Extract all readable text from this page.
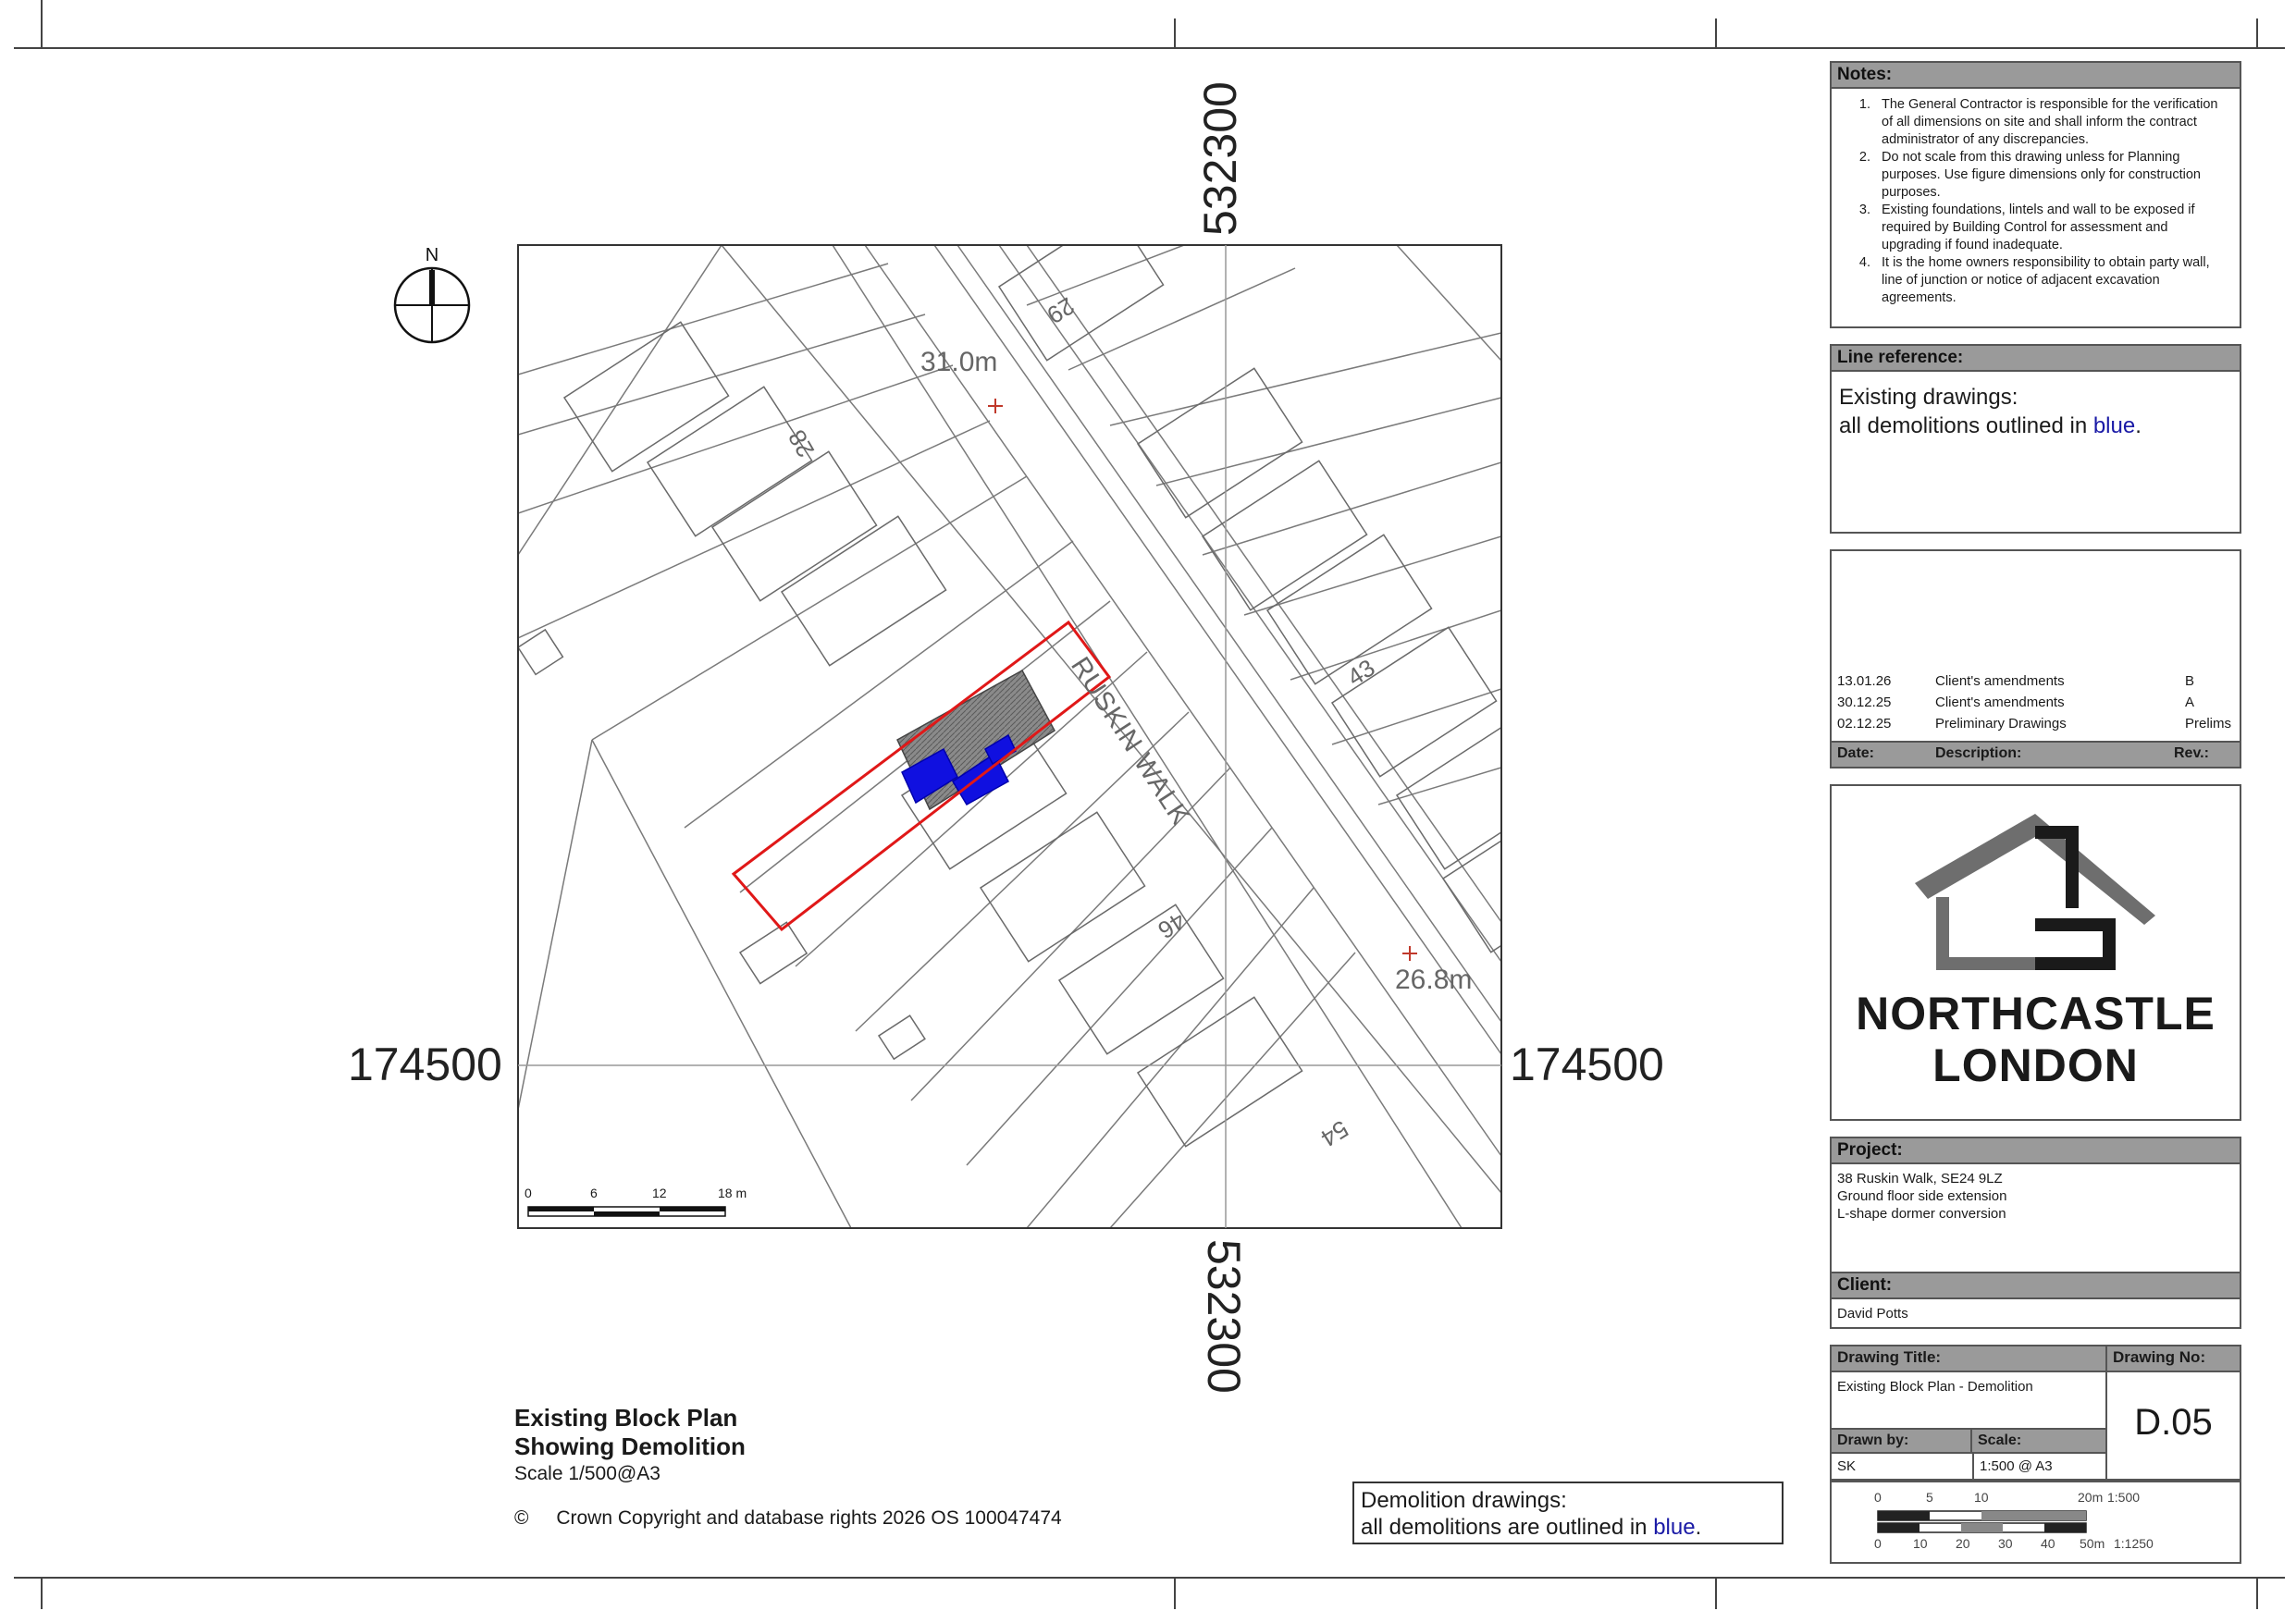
N
532300
532300
174500	174500
RUSKIN WALK
29
28
43
46
54
31.0m
26.8m
0	6	12	18 m
Existing Block Plan
Showing Demolition
Scale 1/500@A3
© Crown Copyright and database rights 2026 OS 100047474
Demolition drawings:
all demolitions are outlined in blue.
Notes:
1. The General Contractor is responsible for the verification of all dimensions on site and shall inform the contract administrator of any discrepancies.
2. Do not scale from this drawing unless for Planning purposes. Use figure dimensions only for construction purposes.
3. Existing foundations, lintels and wall to be exposed if required by Building Control for assessment and upgrading if found inadequate.
4. It is the home owners responsibility to obtain party wall, line of junction or notice of adjacent excavation agreements.
Line reference:
Existing drawings:
all demolitions outlined in blue.
13.01.26	Client's amendments	B
30.12.25	Client's amendments	A
02.12.25	Preliminary Drawings	Prelims
Date:	Description:	Rev.:
NORTHCASTLE
LONDON
Project:
38 Ruskin Walk, SE24 9LZ
Ground floor side extension
L-shape dormer conversion
Client:
David Potts
Drawing Title:	Drawing No:
Existing Block Plan - Demolition
D.05
Drawn by:	Scale:
SK	1:500 @ A3
0	5	10	20m 1:500
0 10 20 30 40 50m 1:1250
